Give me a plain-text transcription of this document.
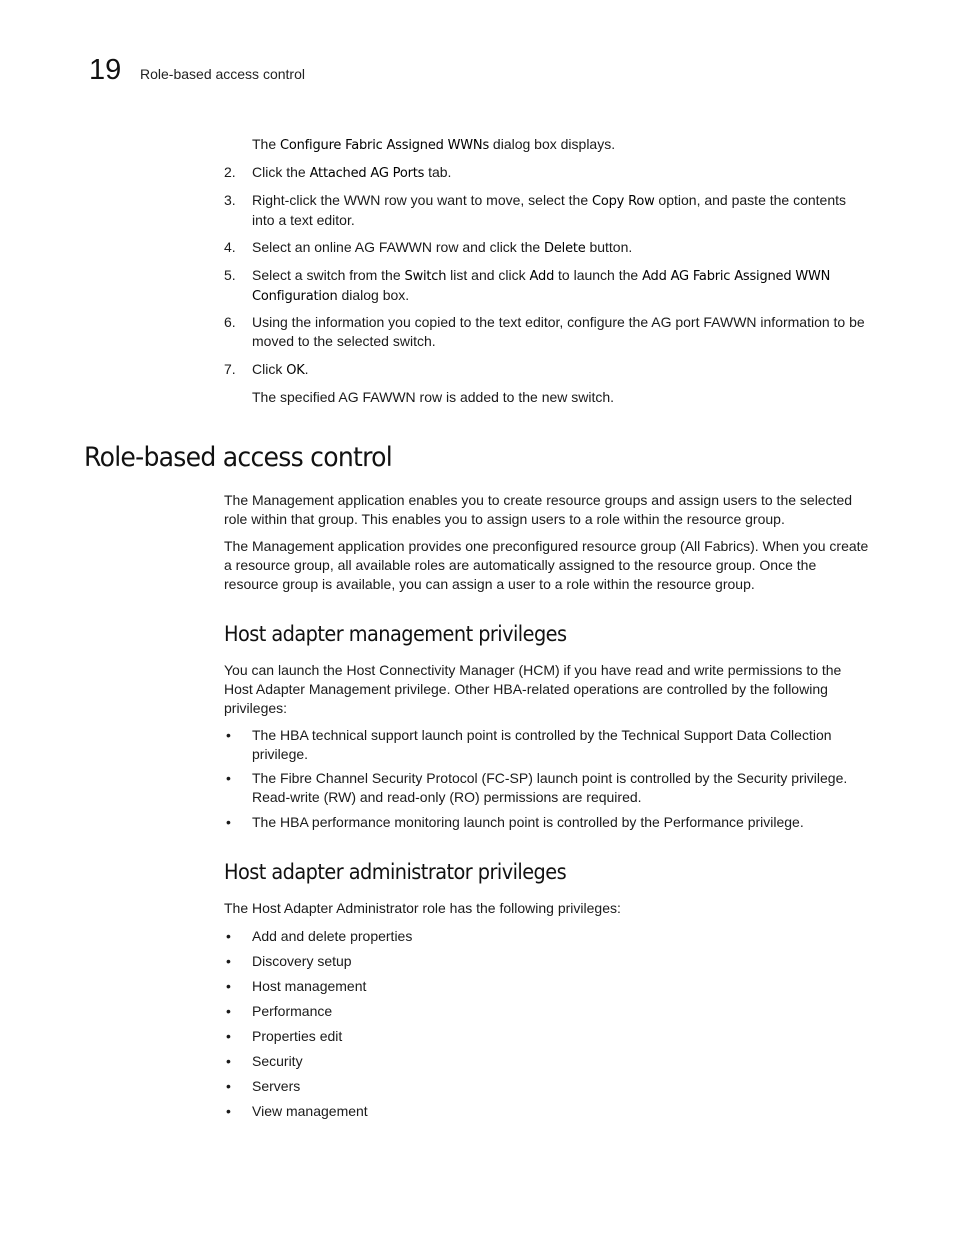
19 Role-based access control
The Configure Fabric Assigned WWNs dialog box displays.
2.	Click the Attached AG Ports tab.
3.	Right-click the WWN row you want to move, select the Copy Row option, and paste the contents into a text editor.
4.	Select an online AG FAWWN row and click the Delete button.
5.	Select a switch from the Switch list and click Add to launch the Add AG Fabric Assigned WWN Configuration dialog box.
6.	Using the information you copied to the text editor, configure the AG port FAWWN information to be moved to the selected switch.
7.	Click OK.
The specified AG FAWWN row is added to the new switch.
Role-based access control
The Management application enables you to create resource groups and assign users to the selected role within that group. This enables you to assign users to a role within the resource group.
The Management application provides one preconfigured resource group (All Fabrics). When you create a resource group, all available roles are automatically assigned to the resource group. Once the resource group is available, you can assign a user to a role within the resource group.
Host adapter management privileges
You can launch the Host Connectivity Manager (HCM) if you have read and write permissions to the Host Adapter Management privilege. Other HBA-related operations are controlled by the following privileges:
• The HBA technical support launch point is controlled by the Technical Support Data Collection privilege.
• The Fibre Channel Security Protocol (FC-SP) launch point is controlled by the Security privilege. Read-write (RW) and read-only (RO) permissions are required.
• The HBA performance monitoring launch point is controlled by the Performance privilege.
Host adapter administrator privileges
The Host Adapter Administrator role has the following privileges:
• Add and delete properties
• Discovery setup
• Host management
• Performance
• Properties edit
• Security
• Servers
• View management
